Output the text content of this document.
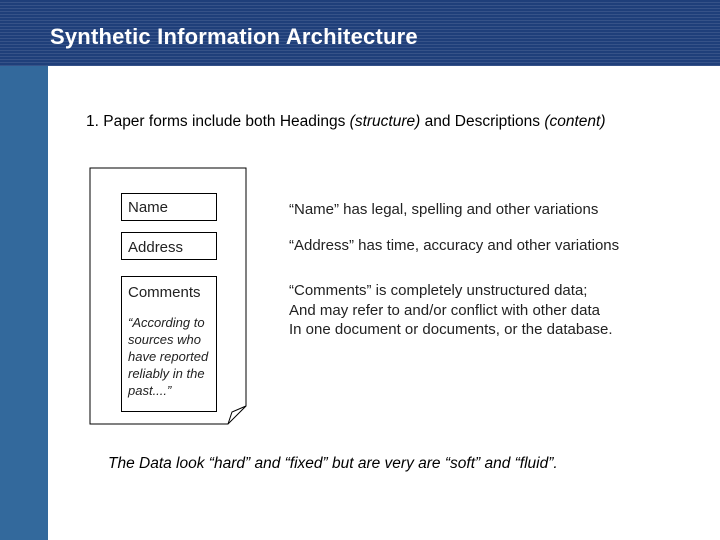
Synthetic Information Architecture
1. Paper forms include both Headings (structure) and Descriptions (content)
Name
Address
Comments
“According to sources who have reported reliably in the past....”
“Name” has legal, spelling and other variations
“Address” has time, accuracy and other variations
“Comments” is completely unstructured data;
And may refer to and/or conflict with other data
In one document or documents, or the database.
The Data look “hard” and “fixed” but are very are “soft” and “fluid”.
